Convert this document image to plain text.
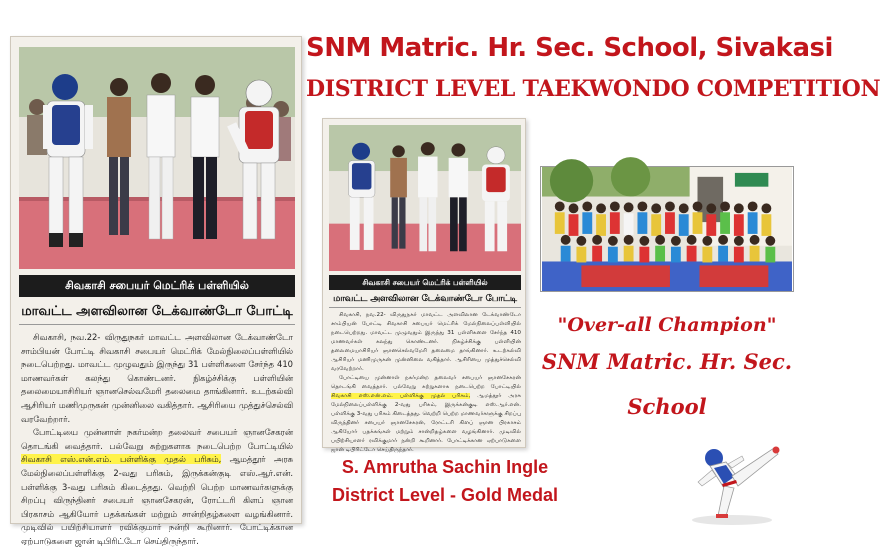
சிவகாசி சபையர் மெட்ரிக் பள்ளியில்
மாவட்ட அளவிலான டேக்வாண்டோ போட்டி

சிவகாசி, நவ.22- விருதுநகர் மாவட்ட அளவிலான டேக்வாண்டோ சாம்பியன் போட்டி சிவகாசி சபையர் மெட்ரிக் மேல்நிலைப்பள்ளியில் நடைபெற்றது. மாவட்ட முழுவதும் இருந்து 31 பள்ளிகளை சேர்ந்த 410 மாணவர்கள் கலந்து கொண்டனர். நிகழ்ச்சிக்கு பள்ளியின் தலைமையாசிரியர் ஞானசெல்வமேரி தலைமை தாங்கினார். உடற்கல்வி ஆசிரியர் மணிமுருகன் முன்னிலை வகித்தார். ஆசிரியை முத்துச்செல்வி வரவேற்றார்.

போட்டியை முன்னாள் நகர்மன்ற தலைவர் சபையர் ஞானசேகரன் தொடங்கி வைத்தார். பல்வேறு சுற்றுகளாக நடைபெற்ற போட்டியில் சிவகாசி எஸ்.என்.எம். பள்ளிக்கு முதல் பரிசும், ஆமத்தூர் அரசு மேல்நிலைப்பள்ளிக்கு 2-வது பரிசும், இருக்கன்குடி எஸ்.ஆர்.என். பள்ளிக்கு 3-வது பரிசும் கிடைத்தது. வெற்றி பெற்ற மாணவர்களுக்கு சிறப்பு விருந்தினர் சபையர் ஞானசேகரன், ரோட்டரி கிளப் ஞான பிரகாசம் ஆகியோர் பதக்கங்கள் மற்றும் சான்றிதழ்களை வழங்கினார். முடிவில் பயிற்சியாளர் ரவிக்குமார் நன்றி கூறினார். போட்டிக்கான ஏற்பாடுகளை ஜான் டிபிரிட்டோ செய்திருந்தார்.

SNM Matric. Hr. Sec. School, Sivakasi
DISTRICT LEVEL TAEKWONDO COMPETITION
சிவகாசி சபையர் மெட்ரிக் பள்ளியில்
மாவட்ட அளவிலான டேக்வாண்டோ போட்டி

சிவகாசி, நவ.22- விருதுநகர் மாவட்ட அளவிலான டேக்வாண்டோ சாம்பியன் போட்டி சிவகாசி சபையர் மெட்ரிக் மேல்நிலைப்பள்ளியில் நடைபெற்றது. மாவட்ட முழுவதும் இருந்து 31 பள்ளிகளை சேர்ந்த 410 மாணவர்கள் கலந்து கொண்டனர். நிகழ்ச்சிக்கு பள்ளியின் தலைமையாசிரியர் ஞானசெல்வமேரி தலைமை தாங்கினார். உடற்கல்வி ஆசிரியர் மணிமுருகன் முன்னிலை வகித்தார். ஆசிரியை முத்துச்செல்வி வரவேற்றார்.

போட்டியை முன்னாள் நகர்மன்ற தலைவர் சபையர் ஞானசேகரன் தொடங்கி வைத்தார். பல்வேறு சுற்றுகளாக நடைபெற்ற போட்டியில் சிவகாசி எஸ்.என்.எம். பள்ளிக்கு முதல் பரிசும், ஆமத்தூர் அரசு மேல்நிலைப்பள்ளிக்கு 2-வது பரிசும், இருக்கன்குடி எஸ்.ஆர்.என். பள்ளிக்கு 3-வது பரிசும் கிடைத்தது. வெற்றி பெற்ற மாணவர்களுக்கு சிறப்பு விருந்தினர் சபையர் ஞானசேகரன், ரோட்டரி கிளப் ஞான பிரகாசம் ஆகியோர் பதக்கங்கள் மற்றும் சான்றிதழ்களை வழங்கினார். முடிவில் பயிற்சியாளர் ரவிக்குமார் நன்றி கூறினார். போட்டிக்கான ஏற்பாடுகளை ஜான் டிபிரிட்டோ செய்திருந்தார்.

"Over-all Champion"
SNM Matric. Hr. Sec.
School
S. Amrutha Sachin Ingle
District Level - Gold Medal
